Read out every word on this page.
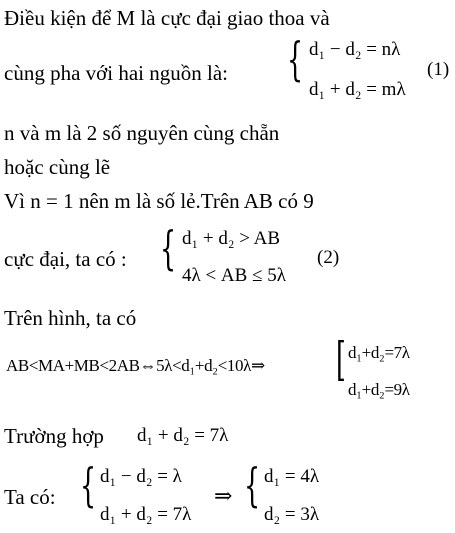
Điều kiện để M là cực đại giao thoa và
cùng pha với hai nguồn là: { d₁ − d₂ = nλ
d₁ + d₂ = mλ
(1)
n và m là 2 số nguyên cùng chẵn
hoặc cùng lẽ
Vì n = 1 nên m là số lẻ.Trên AB có 9
cực đại, ta có : { d₁ + d₂ > AB
4λ < AB ≤ 5λ
(2)
Trên hình, ta có
AB<MA+MB<2AB⇔5λ<d₁+d₂<10λ⇒ [ d₁+d₂=7λ
d₁+d₂=9λ
Trường hợp d₁ + d₂ = 7λ
Ta có: { d₁ − d₂ = λ
d₁ + d₂ = 7λ
⇒ { d₁ = 4λ
d₂ = 3λ
